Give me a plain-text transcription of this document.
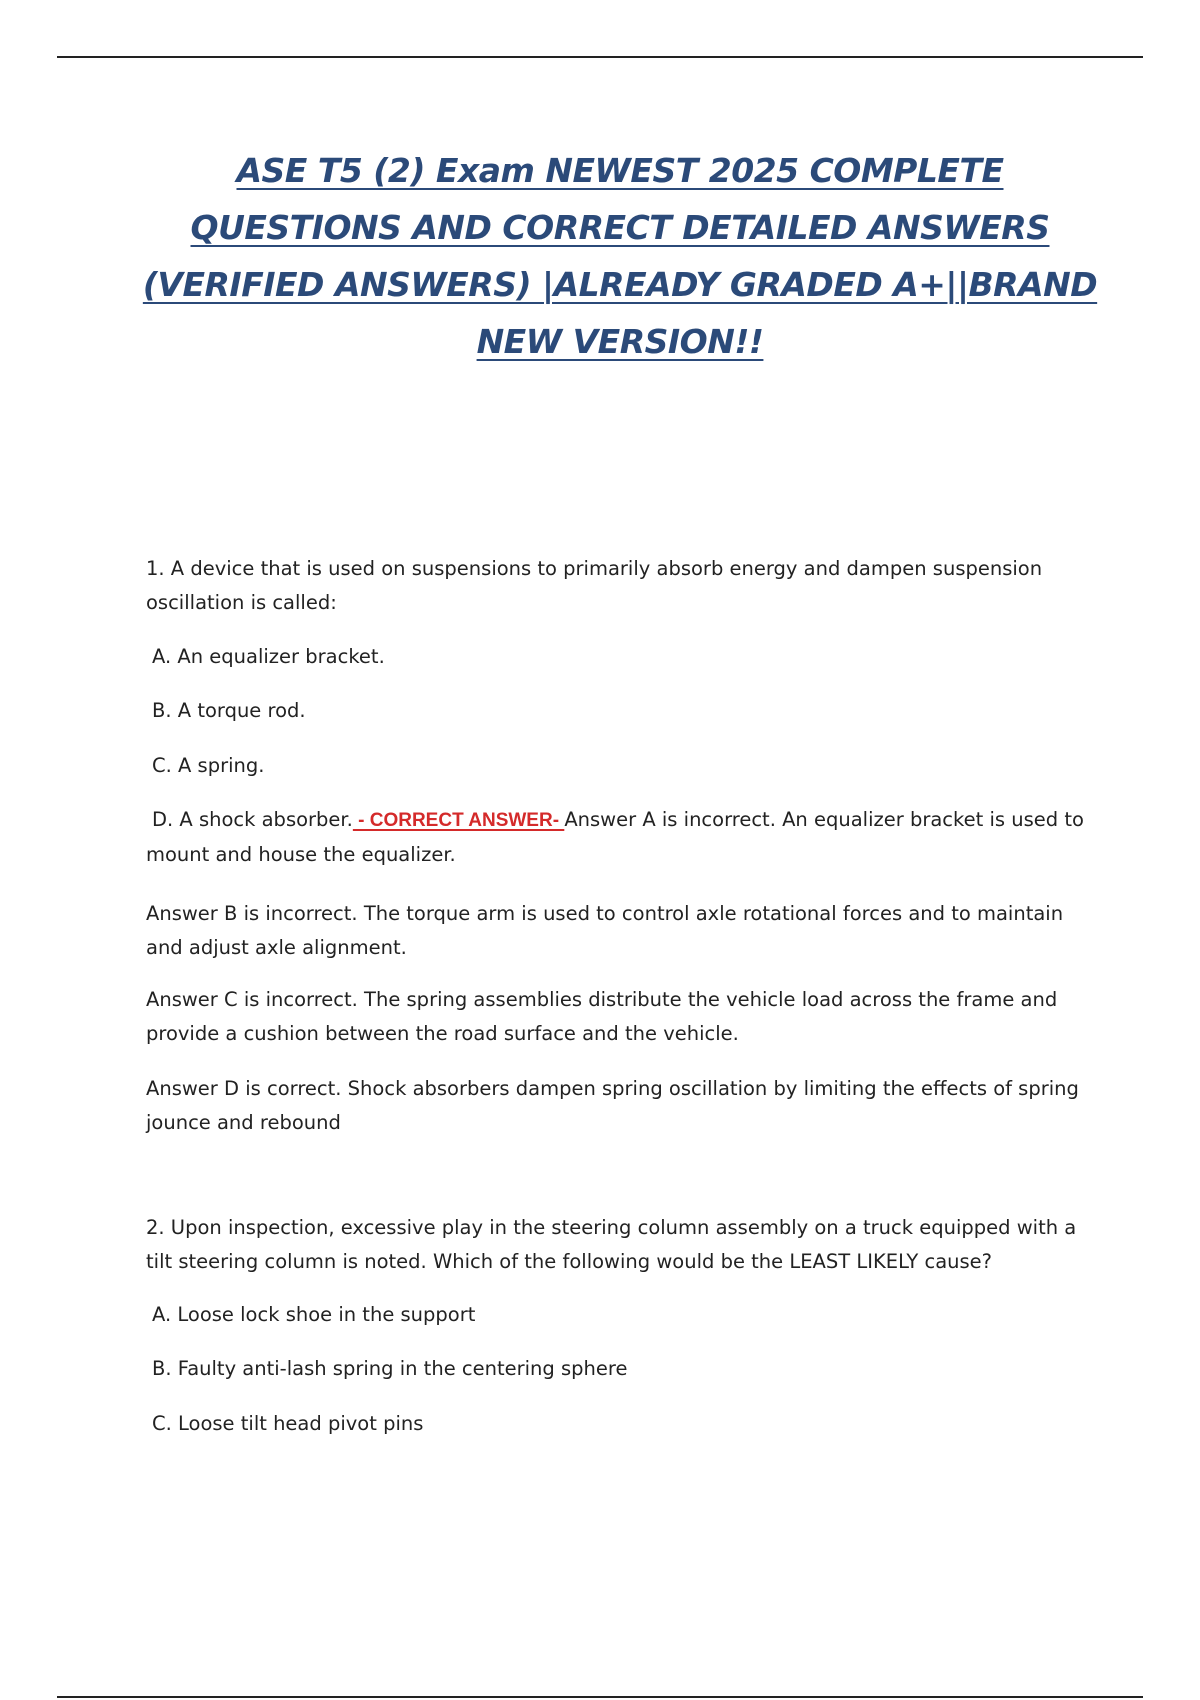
ASE T5 (2) Exam NEWEST 2025 COMPLETE QUESTIONS AND CORRECT DETAILED ANSWERS (VERIFIED ANSWERS) |ALREADY GRADED A+||BRAND NEW VERSION!!

1. A device that is used on suspensions to primarily absorb energy and dampen suspension oscillation is called:

A. An equalizer bracket.

B. A torque rod.

C. A spring.

D. A shock absorber. - CORRECT ANSWER- Answer A is incorrect. An equalizer bracket is used to mount and house the equalizer.

Answer B is incorrect. The torque arm is used to control axle rotational forces and to maintain and adjust axle alignment.

Answer C is incorrect. The spring assemblies distribute the vehicle load across the frame and provide a cushion between the road surface and the vehicle.

Answer D is correct. Shock absorbers dampen spring oscillation by limiting the effects of spring jounce and rebound

2. Upon inspection, excessive play in the steering column assembly on a truck equipped with a tilt steering column is noted. Which of the following would be the LEAST LIKELY cause?

A. Loose lock shoe in the support

B. Faulty anti-lash spring in the centering sphere

C. Loose tilt head pivot pins
